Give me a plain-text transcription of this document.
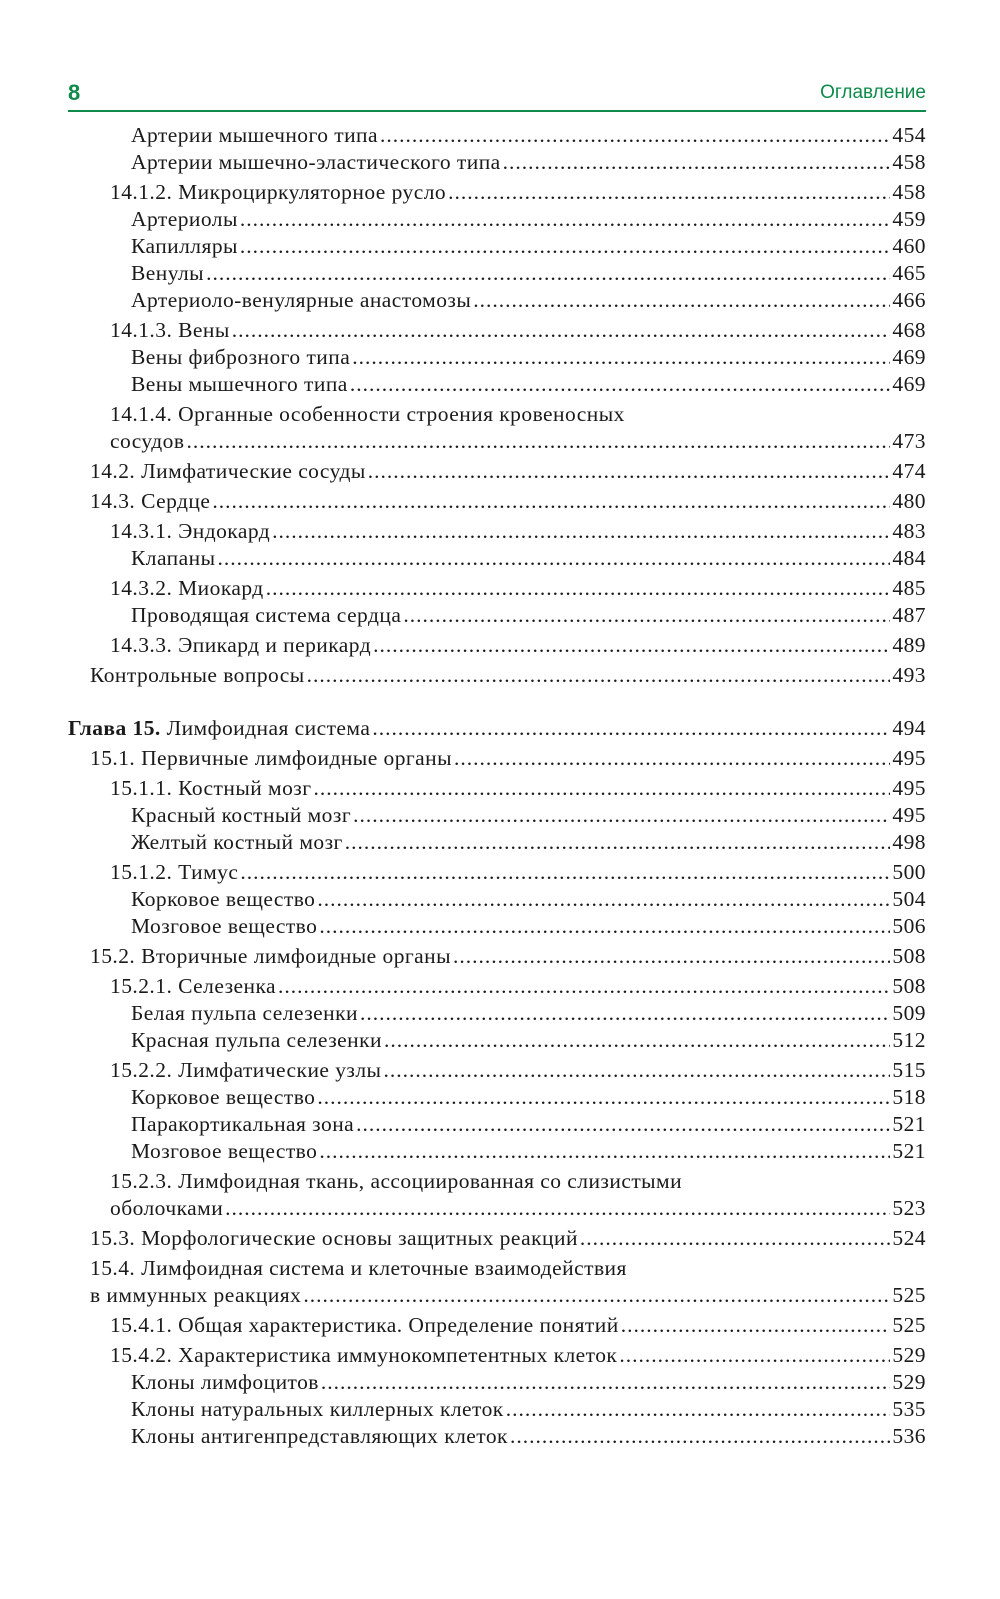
8	Оглавление
Артерии мышечного типа .....	454
Артерии мышечно-эластического типа .....	458
14.1.2. Микроциркуляторное русло .....	458
Артериолы .....	459
Капилляры .....	460
Венулы .....	465
Артериоло-венулярные анастомозы .....	466
14.1.3. Вены .....	468
Вены фиброзного типа .....	469
Вены мышечного типа .....	469
14.1.4. Органные особенности строения кровеносных
сосудов .....	473
14.2. Лимфатические сосуды .....	474
14.3. Сердце .....	480
14.3.1. Эндокард .....	483
Клапаны .....	484
14.3.2. Миокард .....	485
Проводящая система сердца .....	487
14.3.3. Эпикард и перикард .....	489
Контрольные вопросы .....	493
Глава 15. Лимфоидная система .....	494
15.1. Первичные лимфоидные органы .....	495
15.1.1. Костный мозг .....	495
Красный костный мозг .....	495
Желтый костный мозг .....	498
15.1.2. Тимус .....	500
Корковое вещество .....	504
Мозговое вещество .....	506
15.2. Вторичные лимфоидные органы .....	508
15.2.1. Селезенка .....	508
Белая пульпа селезенки .....	509
Красная пульпа селезенки .....	512
15.2.2. Лимфатические узлы .....	515
Корковое вещество .....	518
Паракортикальная зона .....	521
Мозговое вещество .....	521
15.2.3. Лимфоидная ткань, ассоциированная со слизистыми
оболочками .....	523
15.3. Морфологические основы защитных реакций .....	524
15.4. Лимфоидная система и клеточные взаимодействия
в иммунных реакциях .....	525
15.4.1. Общая характеристика. Определение понятий .....	525
15.4.2. Характеристика иммунокомпетентных клеток .....	529
Клоны лимфоцитов .....	529
Клоны натуральных киллерных клеток .....	535
Клоны антигенпредставляющих клеток .....	536
